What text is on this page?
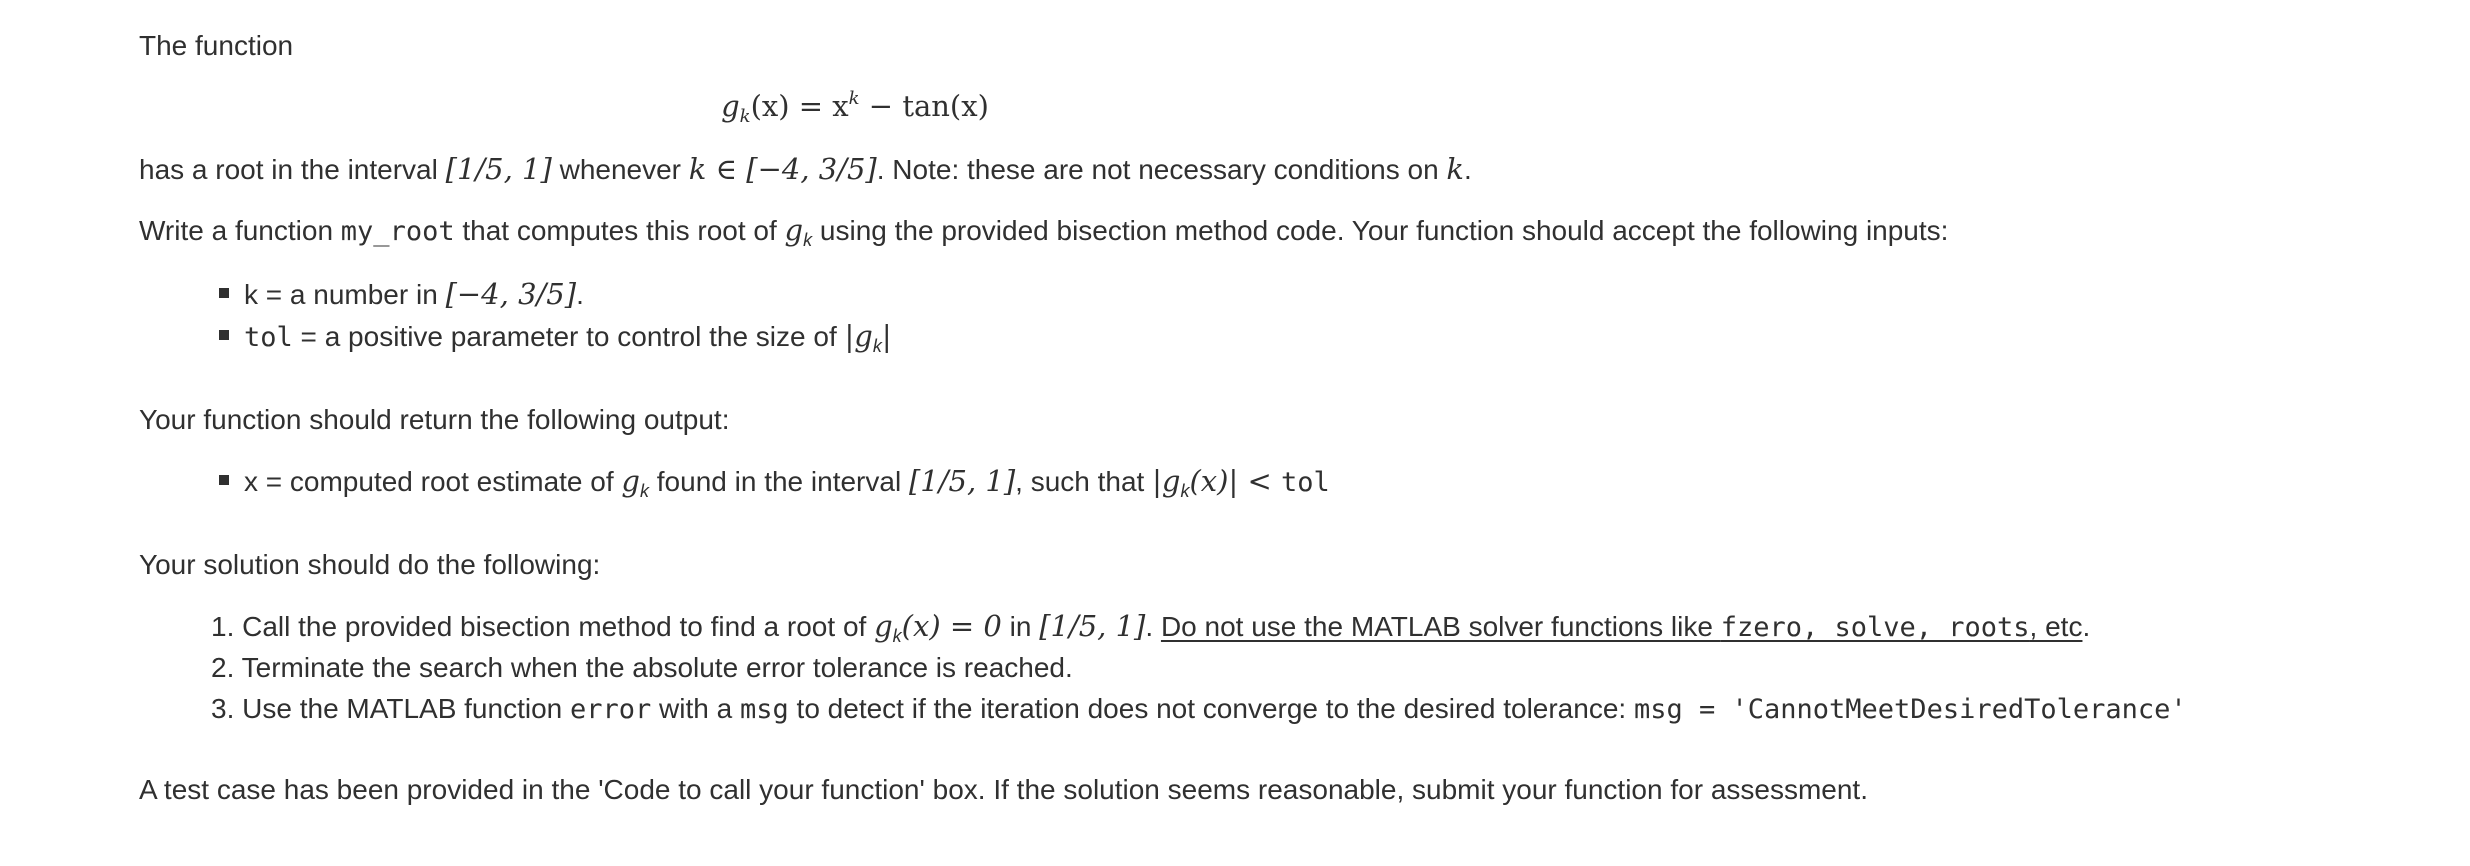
The function
$g_k(x) = x^k - \tan(x)$
has a root in the interval [1/5, 1] whenever k ∈ [−4, 3/5]. Note: these are not necessary conditions on k.
Write a function my_root that computes this root of $g_k$ using the provided bisection method code. Your function should accept the following inputs:
k = a number in [−4, 3/5].
tol = a positive parameter to control the size of $|g_k|$
Your function should return the following output:
x = computed root estimate of $g_k$ found in the interval [1/5, 1], such that $|g_k(x)|$ < tol
Your solution should do the following:
1. Call the provided bisection method to find a root of $g_k(x) = 0$ in [1/5, 1]. Do not use the MATLAB solver functions like fzero, solve, roots, etc.
2. Terminate the search when the absolute error tolerance is reached.
3. Use the MATLAB function error with a msg to detect if the iteration does not converge to the desired tolerance: msg = 'CannotMeetDesiredTolerance'
A test case has been provided in the 'Code to call your function' box. If the solution seems reasonable, submit your function for assessment.
